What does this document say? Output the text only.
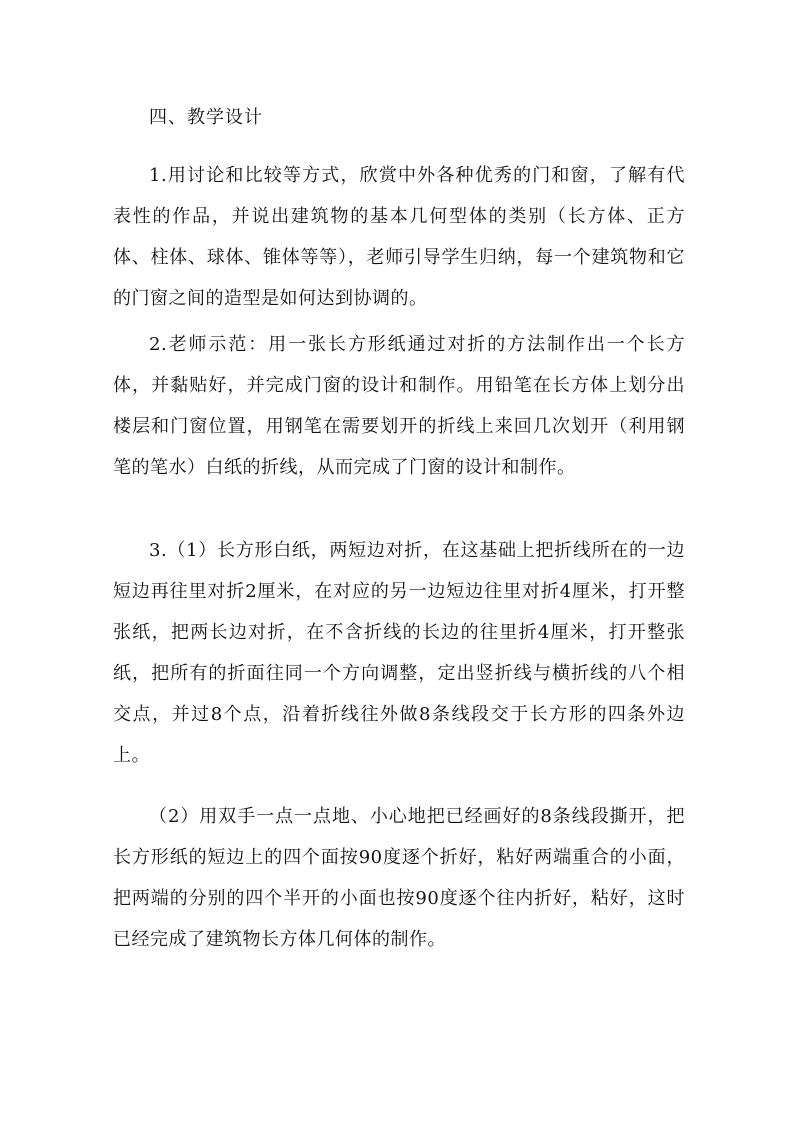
四、教学设计
1.用讨论和比较等方式，欣赏中外各种优秀的门和窗，了解有代表性的作品，并说出建筑物的基本几何型体的类别（长方体、正方体、柱体、球体、锥体等等），老师引导学生归纳，每一个建筑物和它的门窗之间的造型是如何达到协调的。
2.老师示范：用一张长方形纸通过对折的方法制作出一个长方体，并黏贴好，并完成门窗的设计和制作。用铅笔在长方体上划分出楼层和门窗位置，用钢笔在需要划开的折线上来回几次划开（利用钢笔的笔水）白纸的折线，从而完成了门窗的设计和制作。
3.（1）长方形白纸，两短边对折，在这基础上把折线所在的一边短边再往里对折2厘米，在对应的另一边短边往里对折4厘米，打开整张纸，把两长边对折，在不含折线的长边的往里折4厘米，打开整张纸，把所有的折面往同一个方向调整，定出竖折线与横折线的八个相交点，并过8个点，沿着折线往外做8条线段交于长方形的四条外边上。
（2）用双手一点一点地、小心地把已经画好的8条线段撕开，把长方形纸的短边上的四个面按90度逐个折好，粘好两端重合的小面，把两端的分别的四个半开的小面也按90度逐个往内折好，粘好，这时已经完成了建筑物长方体几何体的制作。
